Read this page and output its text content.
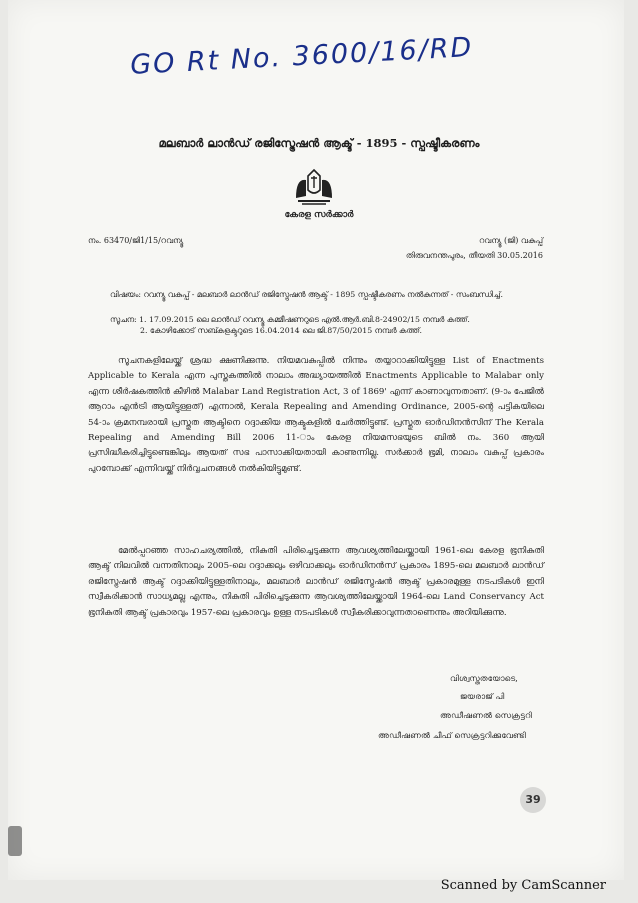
GO Rt No. 3600/16/RD
മലബാർ ലാൻഡ് രജിസ്ട്രേഷൻ ആക്ട് - 1895 - സ്പഷ്ടീകരണം
കേരള സർക്കാർ
നം. 63470/ജി1/15/റവന്യൂ	റവന്യൂ (ജി) വകുപ്പ്
തിരുവനന്തപുരം, തീയതി 30.05.2016
വിഷയം: റവന്യൂ വകുപ്പ് - മലബാർ ലാൻഡ് രജിസ്ട്രേഷൻ ആക്ട് - 1895 സ്പഷ്ടീകരണം നൽകുന്നത് - സംബന്ധിച്ച്.
സൂചന: 1. 17.09.2015 ലെ ലാൻഡ് റവന്യൂ കമ്മീഷണറുടെ എൽ.ആർ.ബി.8-24902/15 നമ്പർ കത്ത്.
2. കോഴിക്കോട് സബ്കളക്ടറുടെ 16.04.2014 ലെ ജി.87/50/2015 നമ്പർ കത്ത്.

സൂചനകളിലേയ്ക്ക് ശ്രദ്ധ ക്ഷണിക്കുന്നു. നിയമവകുപ്പിൽ നിന്നും തയ്യാറാക്കിയിട്ടുള്ള List of Enactments Applicable to Kerala എന്ന പുസ്തകത്തിൽ നാലാം അദ്ധ്യായത്തിൽ Enactments Applicable to Malabar only എന്ന ശീർഷകത്തിൻ കീഴിൽ Malabar Land Registration Act, 3 of 1869' എന്ന് കാണാവുന്നതാണ്. (9-ാം പേജിൽ ആറാം എൻട്രി ആയിട്ടുള്ളത്) എന്നാൽ, Kerala Repealing and Amending Ordinance, 2005-ന്റെ പട്ടികയിലെ 54-ാം ക്രമനമ്പരായി പ്രസ്തുത ആക്ടിനെ റദ്ദാക്കിയ ആക്ടുകളിൽ ചേർത്തിട്ടുണ്ട്. പ്രസ്തുത ഓർഡിനൻസിന് The Kerala Repealing and Amending Bill 2006 11-ാം കേരള നിയമസഭയുടെ ബിൽ നം. 360 ആയി പ്രസിദ്ധീകരിച്ചിട്ടുണ്ടെങ്കിലും ആയത് സഭ പാസാക്കിയതായി കാണുന്നില്ല. സർക്കാർ ഭൂമി, നാലാം വകുപ്പ് പ്രകാരം പുറമ്പോക്ക് എന്നിവയ്ക്ക് നിർവ്വചനങ്ങൾ നൽകിയിട്ടുമുണ്ട്.

മേൽപ്പറഞ്ഞ സാഹചര്യത്തിൽ, നികുതി പിരിച്ചെടുക്കുന്ന ആവശ്യത്തിലേയ്ക്കായി 1961-ലെ കേരള ഭൂനികുതി ആക്ട് നിലവിൽ വന്നതിനാലും 2005-ലെ റദ്ദാക്കലും ഒഴിവാക്കലും ഓർഡിനൻസ് പ്രകാരം 1895-ലെ മലബാർ ലാൻഡ് രജിസ്ട്രേഷൻ ആക്ട് റദ്ദാക്കിയിട്ടുള്ളതിനാലും, മലബാർ ലാൻഡ് രജിസ്ട്രേഷൻ ആക്ട് പ്രകാരമുള്ള നടപടികൾ ഇനി സ്വീകരിക്കാൻ സാധ്യമല്ല എന്നും, നികുതി പിരിച്ചെടുക്കുന്ന ആവശ്യത്തിലേയ്ക്കായി 1964-ലെ Land Conservancy Act ഭൂനികുതി ആക്ട് പ്രകാരവും 1957-ലെ പ്രകാരവും ഉള്ള നടപടികൾ സ്വീകരിക്കാവുന്നതാണെന്നും അറിയിക്കുന്നു.

വിശ്വസ്തതയോടെ,
ജയരാജ് പി
അഡീഷണൽ സെക്രട്ടറി
അഡീഷണൽ ചീഫ് സെക്രട്ടറിക്കുവേണ്ടി
39
Scanned by CamScanner
